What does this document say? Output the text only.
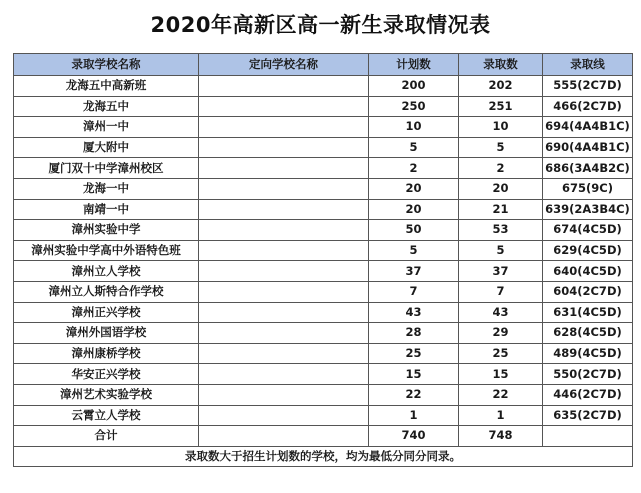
2020年高新区高一新生录取情况表
录取学校名称	定向学校名称	计划数	录取数	录取线
龙海五中高新班		200	202	555(2C7D)
龙海五中		250	251	466(2C7D)
漳州一中		10	10	694(4A4B1C)
厦大附中		5	5	690(4A4B1C)
厦门双十中学漳州校区		2	2	686(3A4B2C)
龙海一中		20	20	675(9C)
南靖一中		20	21	639(2A3B4C)
漳州实验中学		50	53	674(4C5D)
漳州实验中学高中外语特色班		5	5	629(4C5D)
漳州立人学校		37	37	640(4C5D)
漳州立人斯特合作学校		7	7	604(2C7D)
漳州正兴学校		43	43	631(4C5D)
漳州外国语学校		28	29	628(4C5D)
漳州康桥学校		25	25	489(4C5D)
华安正兴学校		15	15	550(2C7D)
漳州艺术实验学校		22	22	446(2C7D)
云霄立人学校		1	1	635(2C7D)
合计		740	748	
录取数大于招生计划数的学校，均为最低分同分同录。				
